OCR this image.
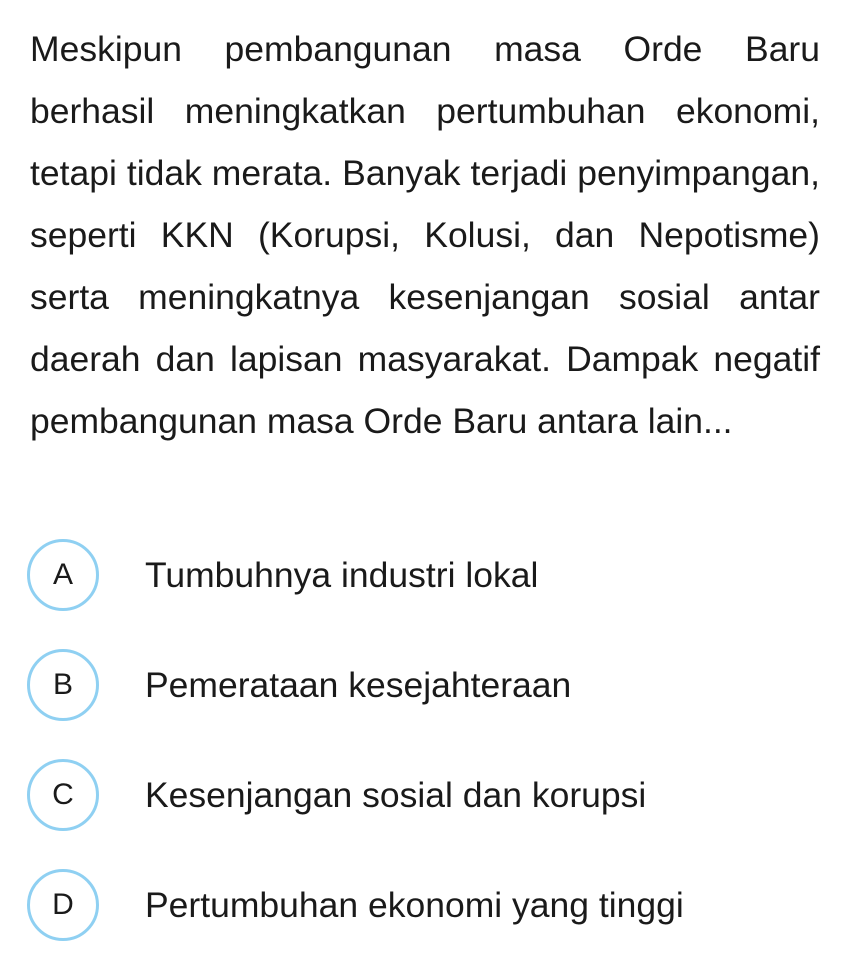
Meskipun pembangunan masa Orde Baru berhasil meningkatkan pertumbuhan ekonomi, tetapi tidak merata. Banyak terjadi penyimpangan, seperti KKN (Korupsi, Kolusi, dan Nepotisme) serta meningkatnya kesenjangan sosial antar daerah dan lapisan masyarakat. Dampak negatif pembangunan masa Orde Baru antara lain...

A	Tumbuhnya industri lokal
B	Pemerataan kesejahteraan
C	Kesenjangan sosial dan korupsi
D	Pertumbuhan ekonomi yang tinggi
